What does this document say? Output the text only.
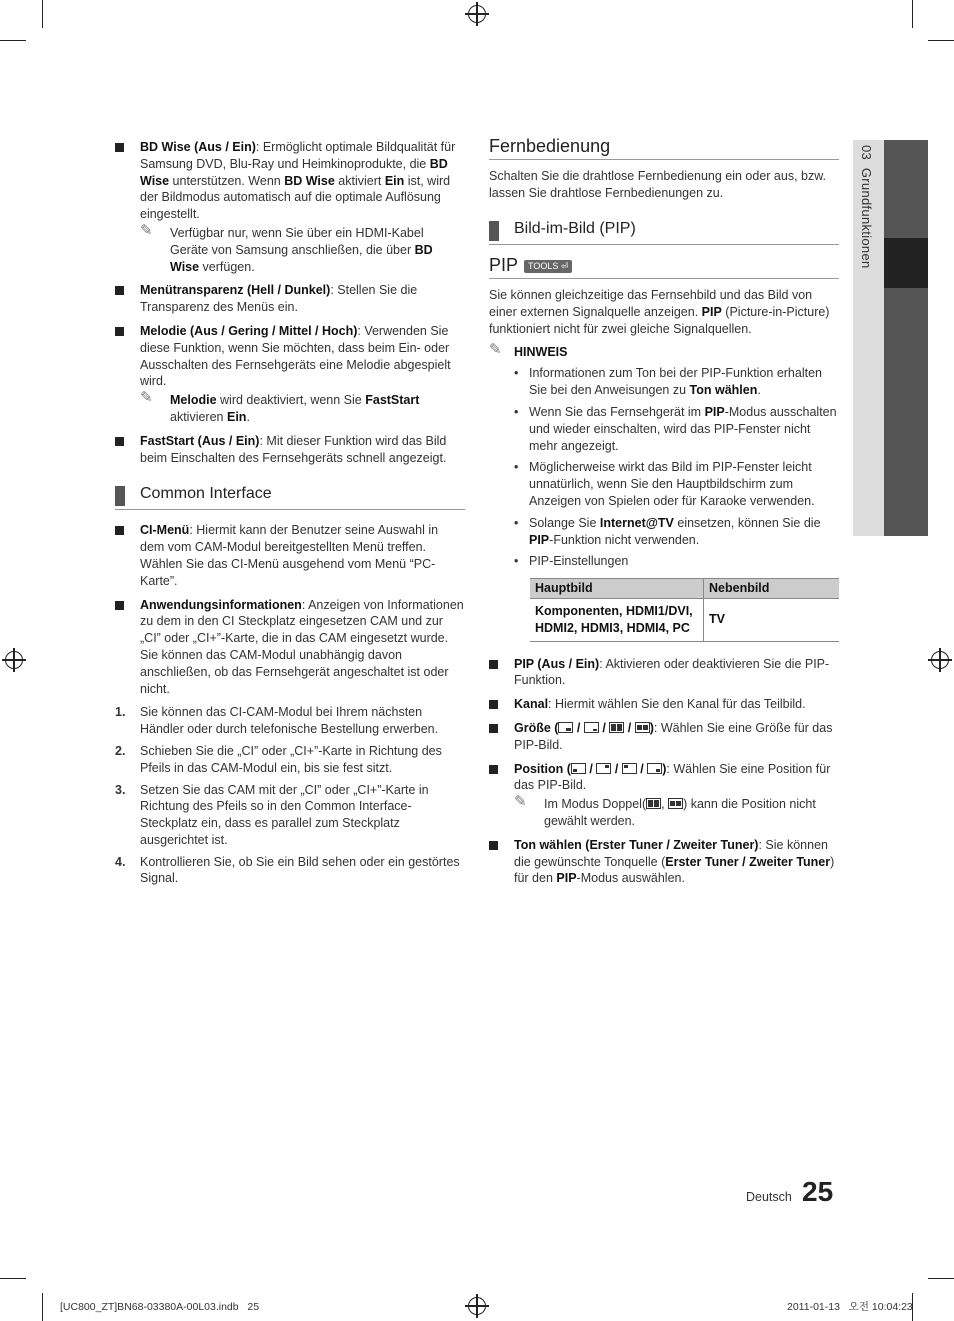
03  Grundfunktionen
BD Wise (Aus / Ein): Ermöglicht optimale Bildqualität für Samsung DVD, Blu-Ray und Heimkinoprodukte, die BD Wise unterstützen. Wenn BD Wise aktiviert Ein ist, wird der Bildmodus automatisch auf die optimale Auflösung eingestellt.
✎ Verfügbar nur, wenn Sie über ein HDMI-Kabel Geräte von Samsung anschließen, die über BD Wise verfügen.
Menütransparenz (Hell / Dunkel): Stellen Sie die Transparenz des Menüs ein.
Melodie (Aus / Gering / Mittel / Hoch): Verwenden Sie diese Funktion, wenn Sie möchten, dass beim Ein- oder Ausschalten des Fernsehgeräts eine Melodie abgespielt wird.
✎ Melodie wird deaktiviert, wenn Sie FastStart aktivieren Ein.
FastStart (Aus / Ein): Mit dieser Funktion wird das Bild beim Einschalten des Fernsehgeräts schnell angezeigt.
Common Interface
CI-Menü: Hiermit kann der Benutzer seine Auswahl in dem vom CAM-Modul bereitgestellten Menü treffen. Wählen Sie das CI-Menü ausgehend vom Menü “PC-Karte”.
Anwendungsinformationen: Anzeigen von Informationen zu dem in den CI Steckplatz eingesetzen CAM und zur „CI” oder „CI+”-Karte, die in das CAM eingesetzt wurde. Sie können das CAM-Modul unabhängig davon anschließen, ob das Fernsehgerät angeschaltet ist oder nicht.
1. Sie können das CI-CAM-Modul bei Ihrem nächsten Händler oder durch telefonische Bestellung erwerben.
2. Schieben Sie die „CI” oder „CI+”-Karte in Richtung des Pfeils in das CAM-Modul ein, bis sie fest sitzt.
3. Setzen Sie das CAM mit der „CI” oder „CI+”-Karte in Richtung des Pfeils so in den Common Interface-Steckplatz ein, dass es parallel zum Steckplatz ausgerichtet ist.
4. Kontrollieren Sie, ob Sie ein Bild sehen oder ein gestörtes Signal.
Fernbedienung
Schalten Sie die drahtlose Fernbedienung ein oder aus, bzw. lassen Sie drahtlose Fernbedienungen zu.
Bild-im-Bild (PIP)
PIP TOOLS ⏎
Sie können gleichzeitige das Fernsehbild und das Bild von einer externen Signalquelle anzeigen. PIP (Picture-in-Picture) funktioniert nicht für zwei gleiche Signalquellen.
✎ HINWEIS
• Informationen zum Ton bei der PIP-Funktion erhalten Sie bei den Anweisungen zu Ton wählen.
• Wenn Sie das Fernsehgerät im PIP-Modus ausschalten und wieder einschalten, wird das PIP-Fenster nicht mehr angezeigt.
• Möglicherweise wirkt das Bild im PIP-Fenster leicht unnatürlich, wenn Sie den Hauptbildschirm zum Anzeigen von Spielen oder für Karaoke verwenden.
• Solange Sie Internet@TV einsetzen, können Sie die PIP-Funktion nicht verwenden.
• PIP-Einstellungen
Hauptbild	Nebenbild
Komponenten, HDMI1/DVI, HDMI2, HDMI3, HDMI4, PC	TV
PIP (Aus / Ein): Aktivieren oder deaktivieren Sie die PIP-Funktion.
Kanal: Hiermit wählen Sie den Kanal für das Teilbild.
Größe (
/
/
/
): Wählen Sie eine Größe für das PIP-Bild.
Position (
/
/
/
): Wählen Sie eine Position für das PIP-Bild.
✎ Im Modus Doppel( ,
) kann die Position nicht gewählt werden.
Ton wählen (Erster Tuner / Zweiter Tuner): Sie können die gewünschte Tonquelle (Erster Tuner / Zweiter Tuner) für den PIP-Modus auswählen.
Deutsch 25
[UC800_ZT]BN68-03380A-00L03.indb   25	2011-01-13   오전 10:04:23
